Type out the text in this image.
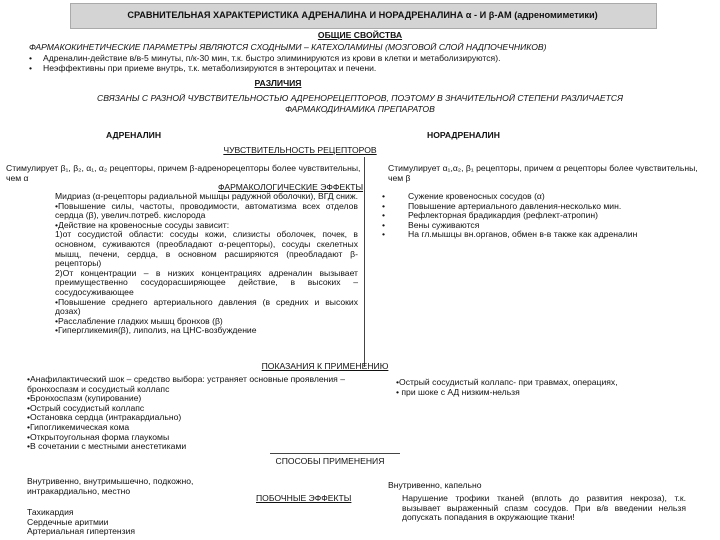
СРАВНИТЕЛЬНАЯ ХАРАКТЕРИСТИКА АДРЕНАЛИНА И НОРАДРЕНАЛИНА α - И β-АМ (адреномиметики)
ОБЩИЕ СВОЙСТВА
ФАРМАКОКИНЕТИЧЕСКИЕ ПАРАМЕТРЫ ЯВЛЯЮТСЯ СХОДНЫМИ – КАТЕХОЛАМИНЫ (МОЗГОВОЙ СЛОЙ НАДПОЧЕЧНИКОВ)
• Адреналин-действие в/в-5 минуты, п/к-30 мин, т.к. быстро элиминируются из крови в клетки и метаболизируются).
• Неэффективны при приеме внутрь, т.к. метаболизируются в энтероцитах и печени.
РАЗЛИЧИЯ
СВЯЗАНЫ С РАЗНОЙ ЧУВСТВИТЕЛЬНОСТЬЮ АДРЕНОРЕЦЕПТОРОВ, ПОЭТОМУ В ЗНАЧИТЕЛЬНОЙ СТЕПЕНИ РАЗЛИЧАЕТСЯ
ФАРМАКОДИНАМИКА ПРЕПАРАТОВ
АДРЕНАЛИН	НОРАДРЕНАЛИН
ЧУВСТВИТЕЛЬНОСТЬ РЕЦЕПТОРОВ
Стимулирует β₁, β₂, α₁, α₂ рецепторы, причем β-адренорецепторы более чувствительны, чем α
Стимулирует α₁,α₂, β₁ рецепторы, причем α рецепторы более чувствительны, чем β
ФАРМАКОЛОГИЧЕСКИЕ ЭФФЕКТЫ
Мидриаз (α-рецепторы радиальной мышцы радужной оболочки), ВГД сниж.
•Повышение силы, частоты, проводимости, автоматизма всех отделов сердца (β), увелич.потреб. кислорода
•Действие на кровеносные сосуды зависит:
1)от сосудистой области: сосуды кожи, слизисты оболочек, почек, в основном, суживаются (преобладают α-рецепторы), сосуды скелетных мышц, печени, сердца, в основном расширяются (преобладают β-рецепторы)
2)От концентрации – в низких концентрациях адреналин вызывает преимущественно сосудорасширяющее действие, в высоких – сосудосуживающее
•Повышение среднего артериального давления (в средних и высоких дозах)
•Расслабление гладких мышц бронхов (β)
•Гипергликемия(β), липолиз, на ЦНС-возбуждение
• Сужение кровеносных сосудов (α)
• Повышение артериального давления-несколько мин.
• Рефлекторная брадикардия (рефлект-атропин)
• Вены суживаются
• На гл.мышцы вн.органов, обмен в-в также как адреналин
ПОКАЗАНИЯ К ПРИМЕНЕНИЮ
•Анафилактический шок – средство выбора: устраняет основные проявления – бронхоспазм и сосудистый коллапс
•Бронхоспазм (купирование)
•Острый сосудистый коллапс
•Остановка сердца (интракардиально)
•Гипогликемическая кома
•Открытоугольная форма глаукомы
•В сочетании с местными анестетиками
•Острый сосудистый коллапс- при травмах, операциях,
• при шоке с АД низким-нельзя
СПОСОБЫ ПРИМЕНЕНИЯ
Внутривенно, внутримышечно, подкожно, интракардиально, местно
Внутривенно, капельно
ПОБОЧНЫЕ ЭФФЕКТЫ
Тахикардия
Сердечные аритмии
Артериальная гипертензия
Нарушение трофики тканей (вплоть до развития некроза), т.к. вызывает выраженный спазм сосудов. При в/в введении нельзя допускать попадания в окружающие ткани!
